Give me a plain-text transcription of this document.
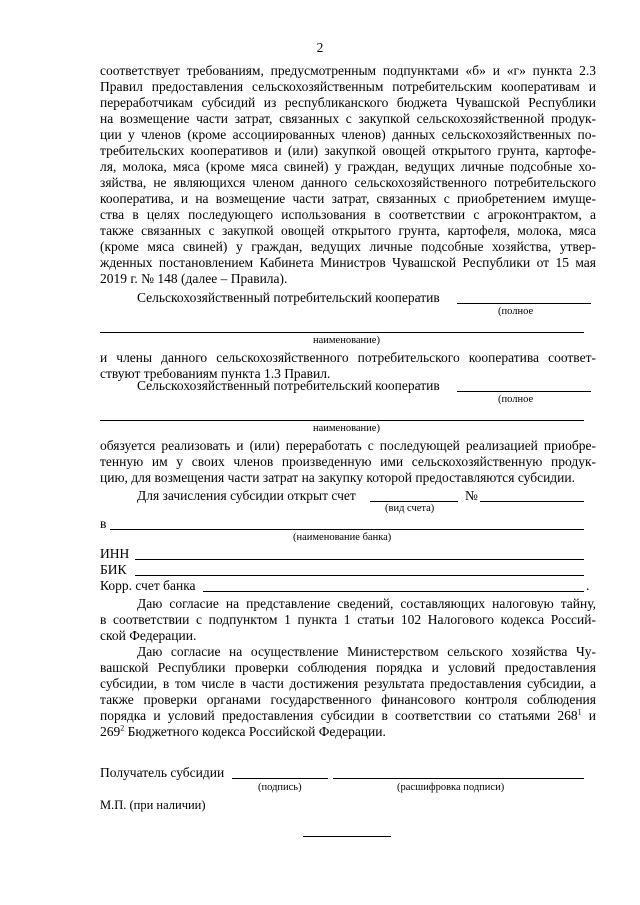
2
соответствует требованиям, предусмотренным подпунктами «б» и «г» пункта 2.3
Правил предоставления сельскохозяйственным потребительским кооперативам и
переработчикам субсидий из республиканского бюджета Чувашской Республики
на возмещение части затрат, связанных с закупкой сельскохозяйственной продук-
ции у членов (кроме ассоциированных членов) данных сельскохозяйственных по-
требительских кооперативов и (или) закупкой овощей открытого грунта, картофе-
ля, молока, мяса (кроме мяса свиней) у граждан, ведущих личные подсобные хо-
зяйства, не являющихся членом данного сельскохозяйственного потребительского
кооператива, и на возмещение части затрат, связанных с приобретением имуще-
ства в целях последующего использования в соответствии с агроконтрактом, а
также связанных с закупкой овощей открытого грунта, картофеля, молока, мяса
(кроме мяса свиней) у граждан, ведущих личные подсобные хозяйства, утвер-
жденных постановлением Кабинета Министров Чувашской Республики от 15 мая
2019 г. № 148 (далее – Правила).
Сельскохозяйственный потребительский кооператив
(полное
наименование)
и члены данного сельскохозяйственного потребительского кооператива соответ-
ствуют требованиям пункта 1.3 Правил.
Сельскохозяйственный потребительский кооператив
(полное
наименование)
обязуется реализовать и (или) переработать с последующей реализацией приобре-
тенную им у своих членов произведенную ими сельскохозяйственную продук-
цию, для возмещения части затрат на закупку которой предоставляются субсидии.
Для зачисления субсидии открыт счет	№
(вид счета)
в
(наименование банка)
ИНН
БИК
Корр. счет банка	.
Даю согласие на представление сведений, составляющих налоговую тайну,
в соответствии с подпунктом 1 пункта 1 статьи 102 Налогового кодекса Россий-
ской Федерации.
Даю согласие на осуществление Министерством сельского хозяйства Чу-
вашской Республики проверки соблюдения порядка и условий предоставления
субсидии, в том числе в части достижения результата предоставления субсидии, а
также проверки органами государственного финансового контроля соблюдения
порядка и условий предоставления субсидии в соответствии со статьями $268^1$ и
$269^2$ Бюджетного кодекса Российской Федерации.
Получатель субсидии
(подпись)	(расшифровка подписи)
М.П. (при наличии)
